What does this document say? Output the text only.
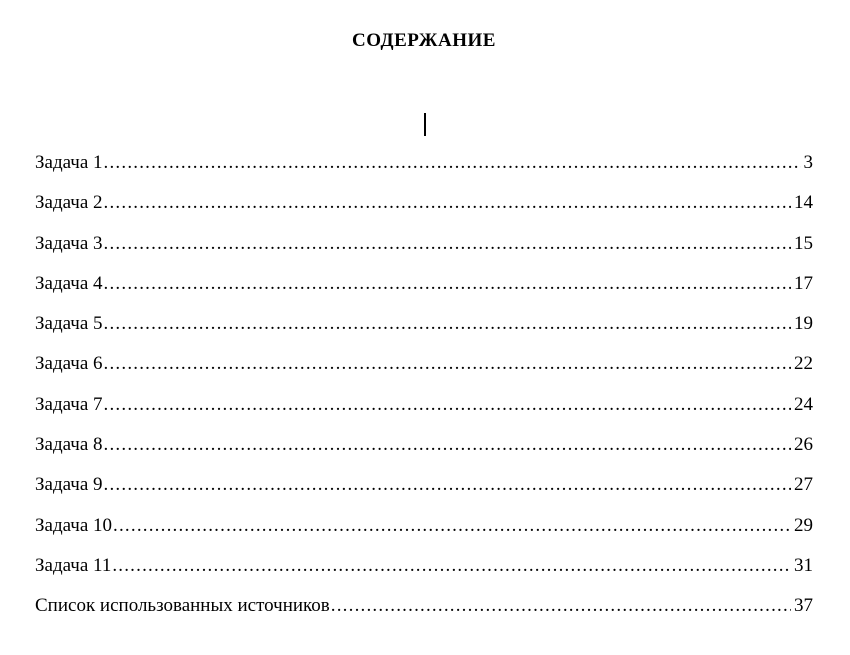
СОДЕРЖАНИЕ
Задача 1 .....	3
Задача 2 .....	14
Задача 3 .....	15
Задача 4 .....	17
Задача 5 .....	19
Задача 6 .....	22
Задача 7 .....	24
Задача 8 .....	26
Задача 9 .....	27
Задача 10 .....	29
Задача 11 .....	31
Список использованных источников .....	37
